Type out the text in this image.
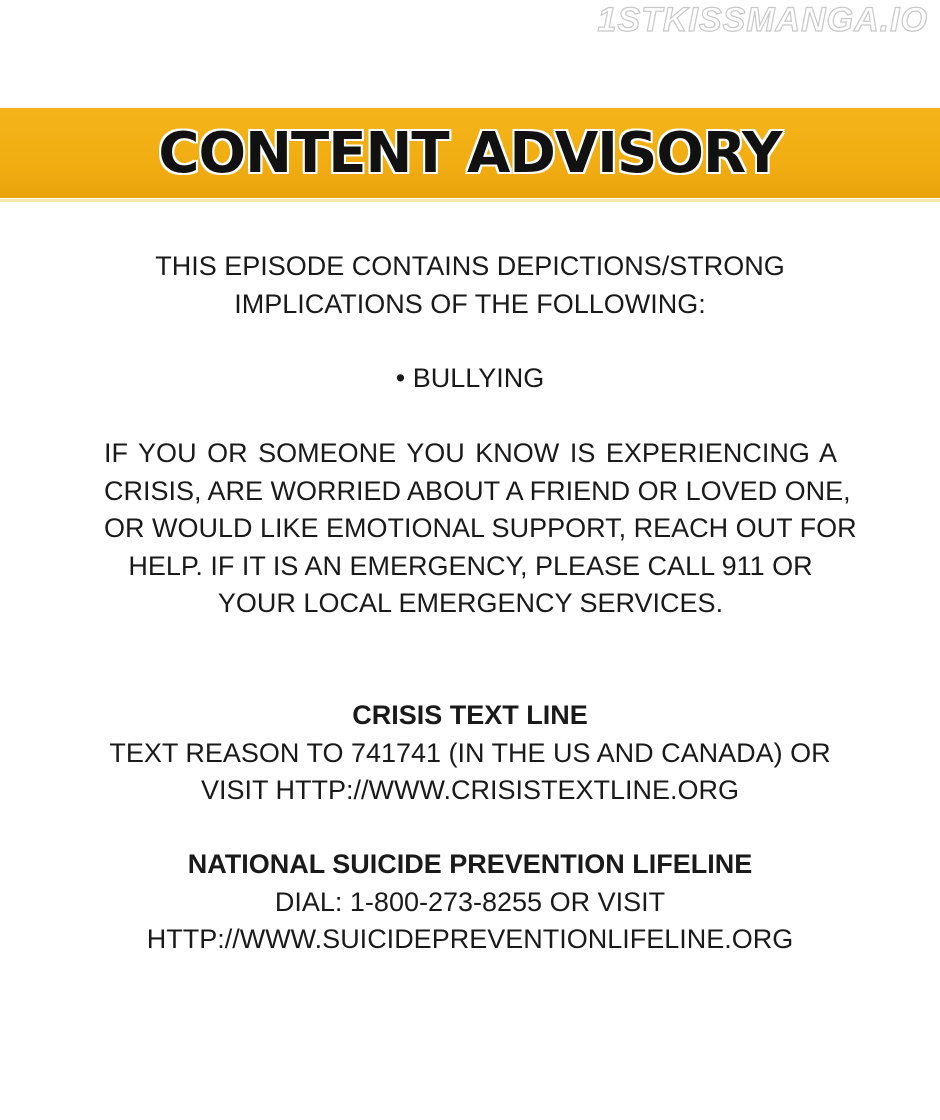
1STKISSMANGA.IO
CONTENT ADVISORY
THIS EPISODE CONTAINS DEPICTIONS/STRONG
IMPLICATIONS OF THE FOLLOWING:
• BULLYING
IF YOU OR SOMEONE YOU KNOW IS EXPERIENCING A
CRISIS, ARE WORRIED ABOUT A FRIEND OR LOVED ONE,
OR WOULD LIKE EMOTIONAL SUPPORT, REACH OUT FOR
HELP. IF IT IS AN EMERGENCY, PLEASE CALL 911 OR
YOUR LOCAL EMERGENCY SERVICES.
CRISIS TEXT LINE
TEXT REASON TO 741741 (IN THE US AND CANADA) OR
VISIT HTTP://WWW.CRISISTEXTLINE.ORG
NATIONAL SUICIDE PREVENTION LIFELINE
DIAL: 1-800-273-8255 OR VISIT
HTTP://WWW.SUICIDEPREVENTIONLIFELINE.ORG
